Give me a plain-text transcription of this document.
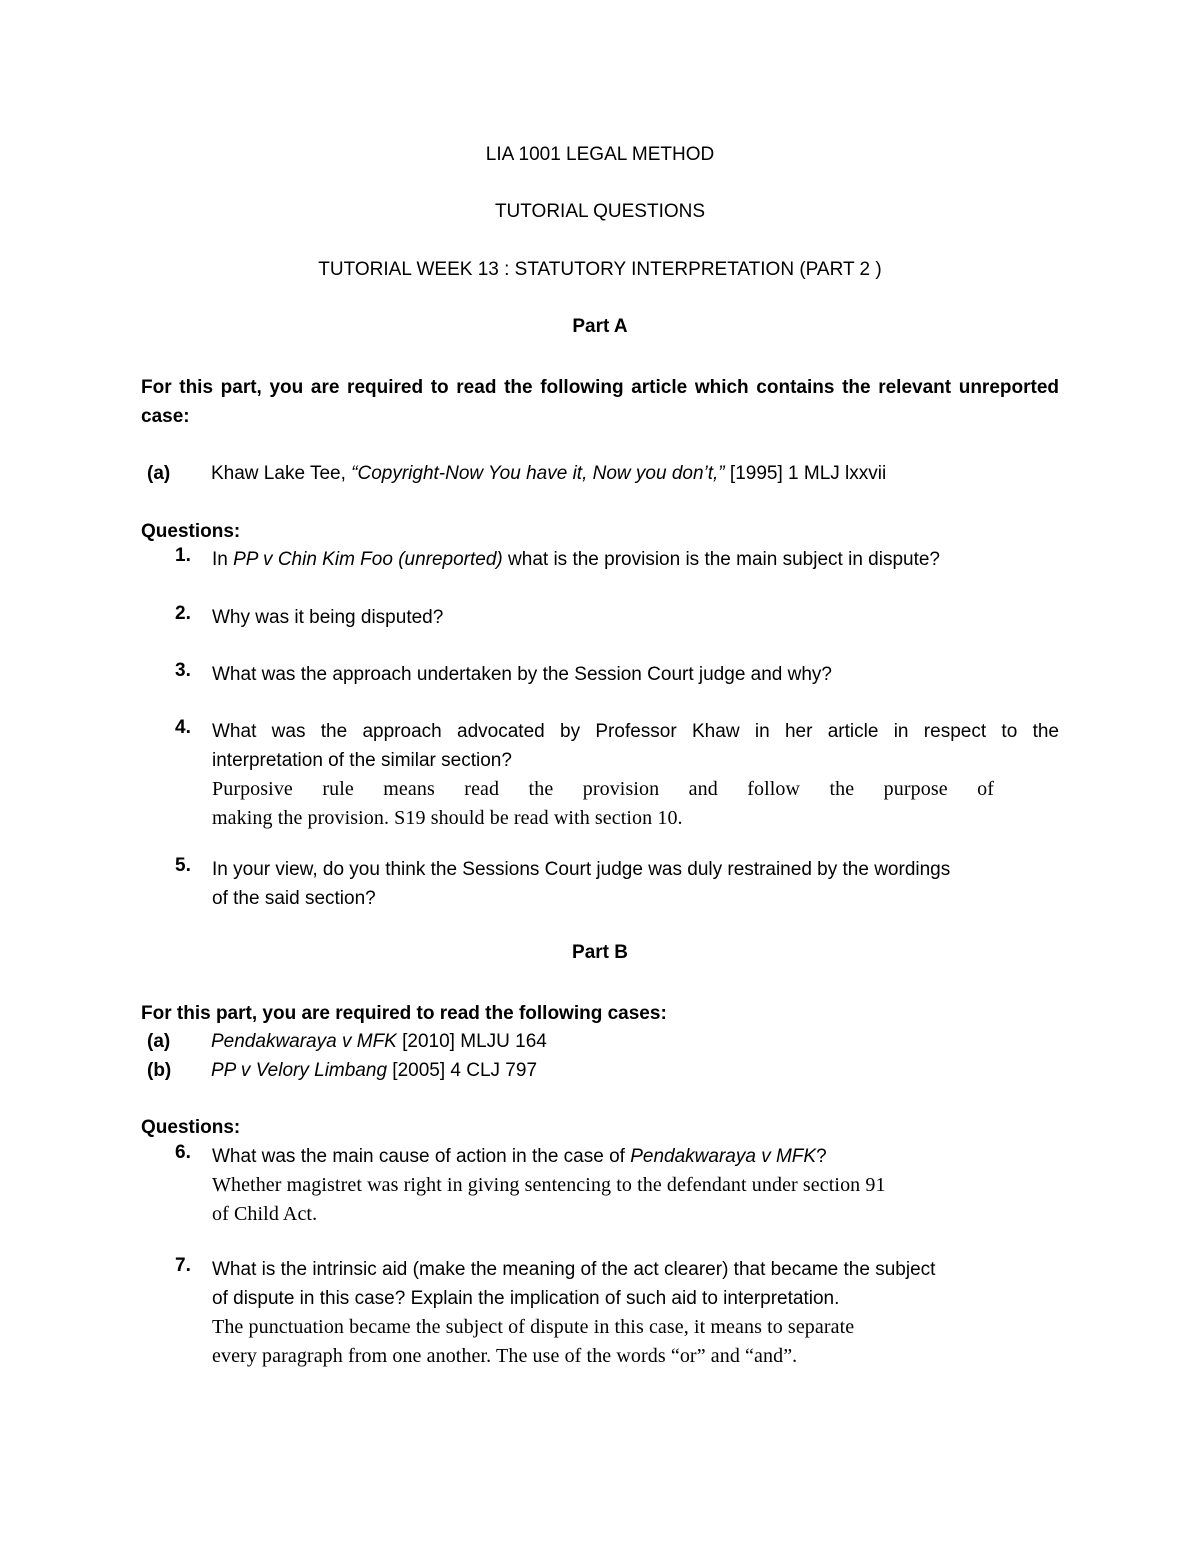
LIA 1001 LEGAL METHOD
TUTORIAL QUESTIONS
TUTORIAL WEEK 13 : STATUTORY INTERPRETATION (PART 2 )
Part A
For this part, you are required to read the following article which contains the relevant unreported case:
(a) Khaw Lake Tee, “Copyright-Now You have it, Now you don’t,” [1995] 1 MLJ lxxvii
Questions:
1. In PP v Chin Kim Foo (unreported) what is the provision is the main subject in dispute?
2. Why was it being disputed?
3. What was the approach undertaken by the Session Court judge and why?
4. What was the approach advocated by Professor Khaw in her article in respect to the
interpretation of the similar section?
Purposive rule means read the provision and follow the purpose of
making the provision. S19 should be read with section 10.
5. In your view, do you think the Sessions Court judge was duly restrained by the wordings
of the said section?
Part B
For this part, you are required to read the following cases:
(a) Pendakwaraya v MFK [2010] MLJU 164
(b) PP v Velory Limbang [2005] 4 CLJ 797
Questions:
6. What was the main cause of action in the case of Pendakwaraya v MFK?
Whether magistret was right in giving sentencing to the defendant under section 91
of Child Act.
7. What is the intrinsic aid (make the meaning of the act clearer) that became the subject
of dispute in this case? Explain the implication of such aid to interpretation.
The punctuation became the subject of dispute in this case, it means to separate
every paragraph from one another. The use of the words “or” and “and”.
